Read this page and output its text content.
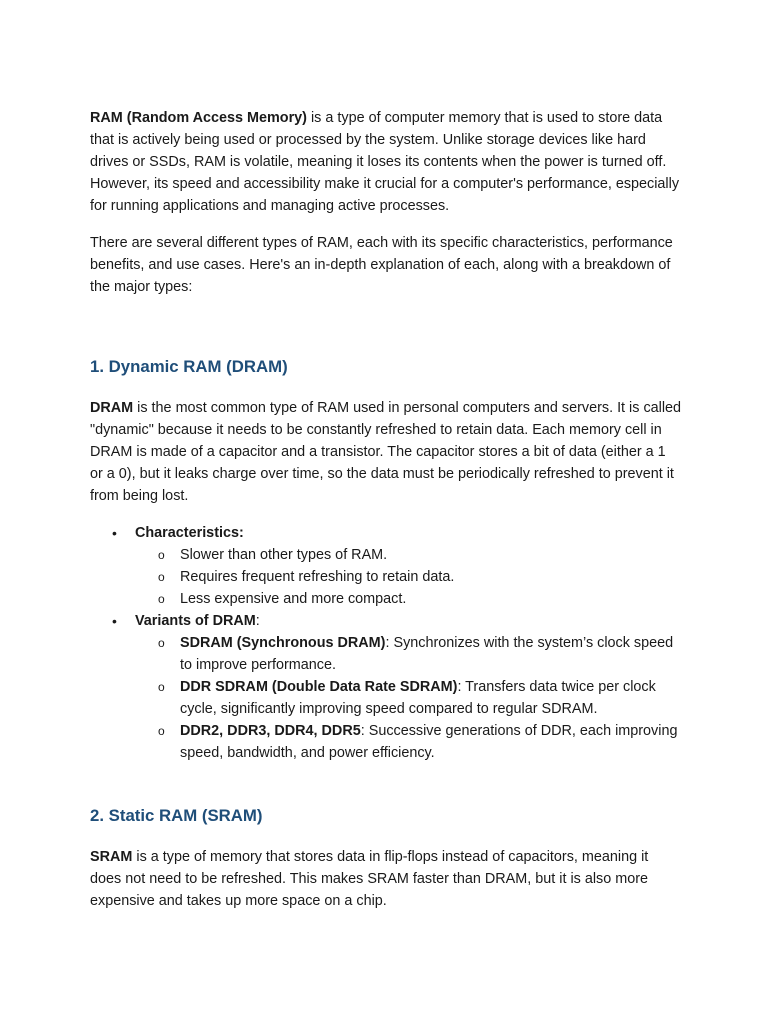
RAM (Random Access Memory) is a type of computer memory that is used to store data that is actively being used or processed by the system. Unlike storage devices like hard drives or SSDs, RAM is volatile, meaning it loses its contents when the power is turned off. However, its speed and accessibility make it crucial for a computer's performance, especially for running applications and managing active processes.

There are several different types of RAM, each with its specific characteristics, performance benefits, and use cases. Here's an in-depth explanation of each, along with a breakdown of the major types:

1. Dynamic RAM (DRAM)

DRAM is the most common type of RAM used in personal computers and servers. It is called "dynamic" because it needs to be constantly refreshed to retain data. Each memory cell in DRAM is made of a capacitor and a transistor. The capacitor stores a bit of data (either a 1 or a 0), but it leaks charge over time, so the data must be periodically refreshed to prevent it from being lost.

• Characteristics:
o Slower than other types of RAM.
o Requires frequent refreshing to retain data.
o Less expensive and more compact.
• Variants of DRAM:
o SDRAM (Synchronous DRAM): Synchronizes with the system’s clock speed to improve performance.
o DDR SDRAM (Double Data Rate SDRAM): Transfers data twice per clock cycle, significantly improving speed compared to regular SDRAM.
o DDR2, DDR3, DDR4, DDR5: Successive generations of DDR, each improving speed, bandwidth, and power efficiency.
2. Static RAM (SRAM)

SRAM is a type of memory that stores data in flip-flops instead of capacitors, meaning it does not need to be refreshed. This makes SRAM faster than DRAM, but it is also more expensive and takes up more space on a chip.
